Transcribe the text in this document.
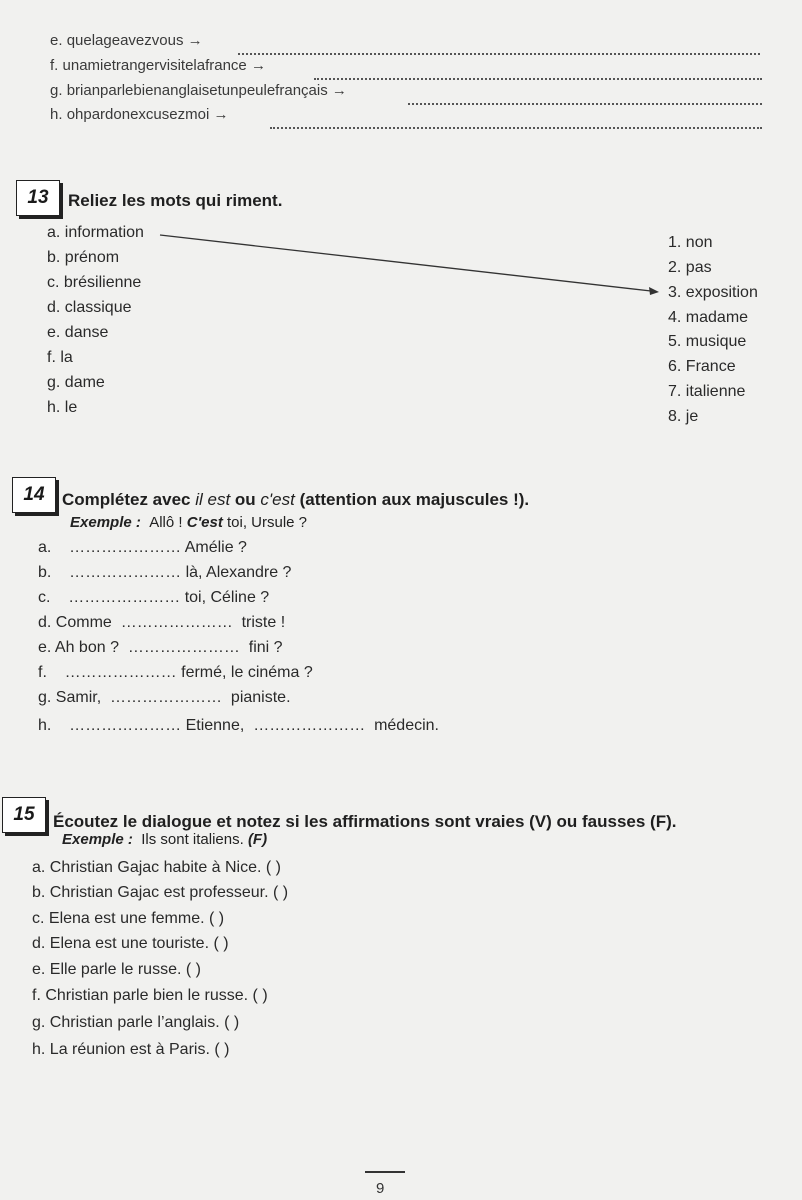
e. quelageavezvous →
f. unamietrangervisitelafrance →
g. brianparlebienanglaisetunpeulefrançais →
h. ohpardonexcusezmoi →
13 Reliez les mots qui riment.
a. information
b. prénom
c. brésilienne
d. classique
e. danse
f. la
g. dame
h. le
1. non
2. pas
3. exposition
4. madame
5. musique
6. France
7. italienne
8. je
14 Complétez avec il est ou c'est (attention aux majuscules !).
Exemple : Allô ! C'est toi, Ursule ?
a. ………………… Amélie ?
b. ………………… là, Alexandre ?
c. ………………… toi, Céline ?
d. Comme ………………… triste !
e. Ah bon ? ………………… fini ?
f. ………………… fermé, le cinéma ?
g. Samir, ………………… pianiste.
h. ………………… Etienne, ………………… médecin.
15 Écoutez le dialogue et notez si les affirmations sont vraies (V) ou fausses (F).
Exemple : Ils sont italiens. (F)
a. Christian Gajac habite à Nice. ( )
b. Christian Gajac est professeur. ( )
c. Elena est une femme. ( )
d. Elena est une touriste. ( )
e. Elle parle le russe. ( )
f. Christian parle bien le russe. ( )
g. Christian parle l’anglais. ( )
h. La réunion est à Paris. ( )
9
